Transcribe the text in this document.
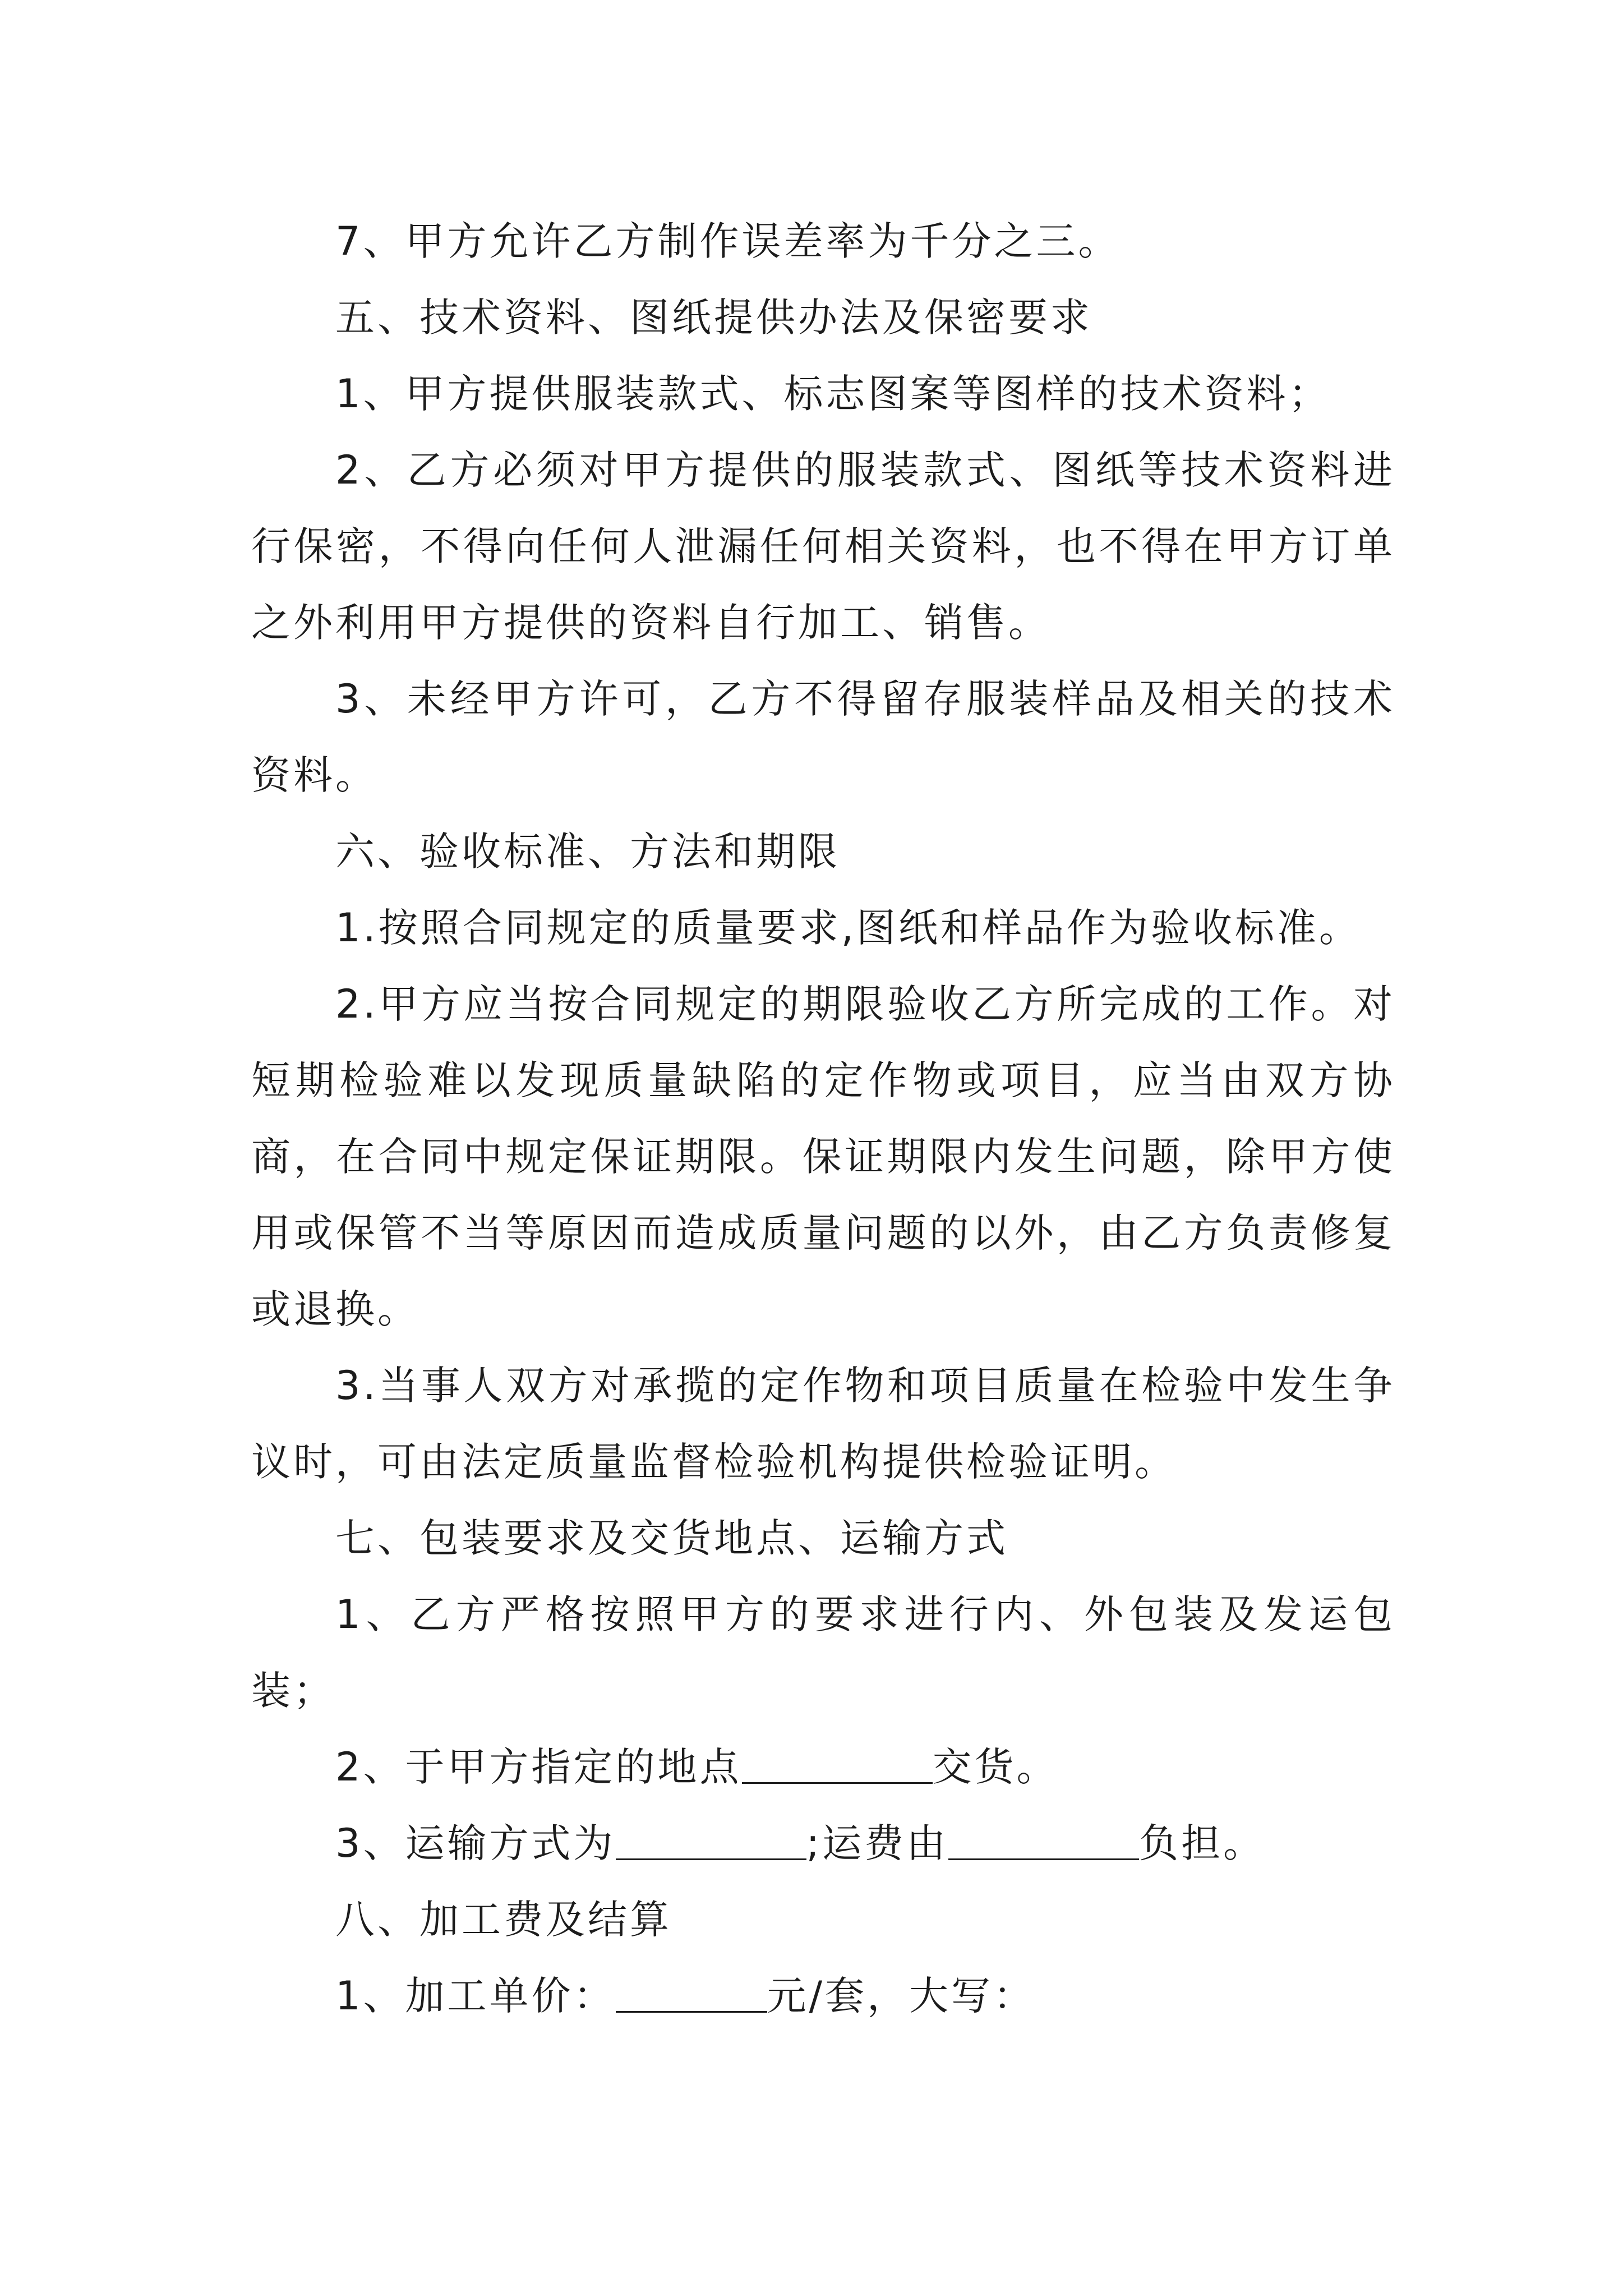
7、甲方允许乙方制作误差率为千分之三。

五、技术资料、图纸提供办法及保密要求

1、甲方提供服装款式、标志图案等图样的技术资料；

2、乙方必须对甲方提供的服装款式、图纸等技术资料进行保密，不得向任何人泄漏任何相关资料，也不得在甲方订单之外利用甲方提供的资料自行加工、销售。

3、未经甲方许可，乙方不得留存服装样品及相关的技术资料。

六、验收标准、方法和期限

1.按照合同规定的质量要求,图纸和样品作为验收标准。

2.甲方应当按合同规定的期限验收乙方所完成的工作。对短期检验难以发现质量缺陷的定作物或项目，应当由双方协商，在合同中规定保证期限。保证期限内发生问题，除甲方使用或保管不当等原因而造成质量问题的以外，由乙方负责修复或退换。

3.当事人双方对承揽的定作物和项目质量在检验中发生争议时，可由法定质量监督检验机构提供检验证明。

七、包装要求及交货地点、运输方式

1、乙方严格按照甲方的要求进行内、外包装及发运包装；

2、于甲方指定的地点	交货。

3、运输方式为	;运费由	负担。

八、加工费及结算

1、加工单价：	元/套，大写：
